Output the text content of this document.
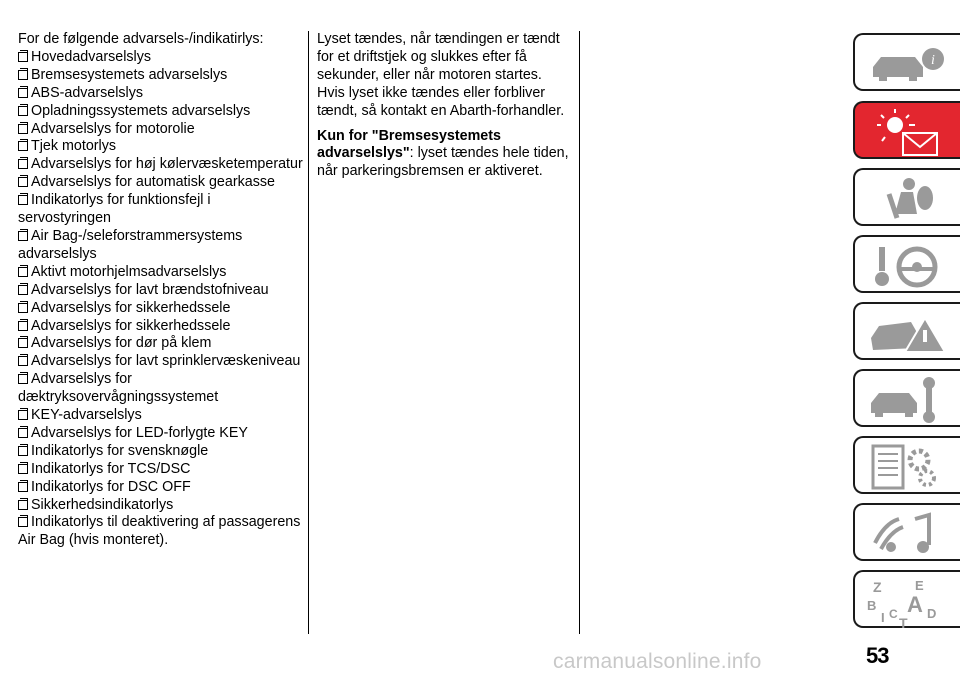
For de følgende advarsels-/indikatirlys:
Hovedadvarselslys
Bremsesystemets advarselslys
ABS-advarselslys
Opladningssystemets advarselslys
Advarselslys for motorolie
Tjek motorlys
Advarselslys for høj kølervæsketemperatur
Advarselslys for automatisk gearkasse
Indikatorlys for funktionsfejl i servostyringen
Air Bag-/seleforstrammersystems advarselslys
Aktivt motorhjelmsadvarselslys
Advarselslys for lavt brændstofniveau
Advarselslys for sikkerhedssele
Advarselslys for sikkerhedssele
Advarselslys for dør på klem
Advarselslys for lavt sprinklervæskeniveau
Advarselslys for dæktryksovervågningssystemet
KEY-advarselslys
Advarselslys for LED-forlygte KEY
Indikatorlys for svensknøgle
Indikatorlys for TCS/DSC
Indikatorlys for DSC OFF
Sikkerhedsindikatorlys
Indikatorlys til deaktivering af passagerens Air Bag (hvis monteret).

Lyset tændes, når tændingen er tændt for et driftstjek og slukkes efter få sekunder, eller når motoren startes. Hvis lyset ikke tændes eller forbliver tændt, så kontakt en Abarth-forhandler.

Kun for "Bremsesystemets advarselslys": lyset tændes hele tiden, når parkeringsbremsen er aktiveret.

i
Z	E
B A D
I C
T
53
carmanualsonline.info
